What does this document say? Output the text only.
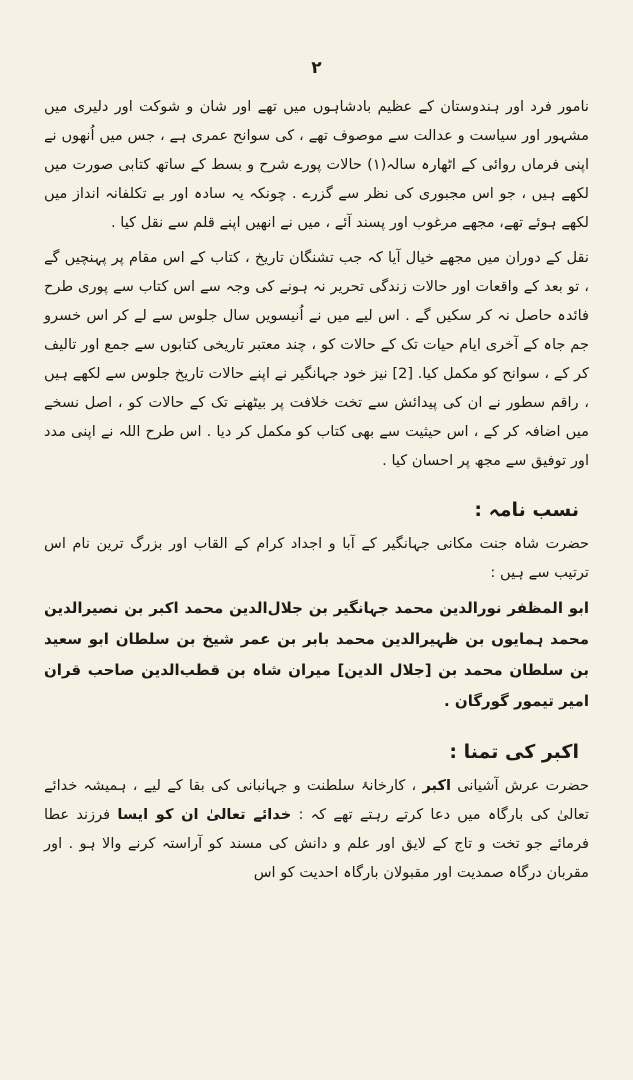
۲

نامور فرد اور ہندوستان کے عظیم بادشاہوں میں تھے اور شان و شوکت اور دلیری میں مشہور اور سیاست و عدالت سے موصوف تھے ، کی سوانح عمری ہے ، جس میں اُنھوں نے اپنی فرماں روائی کے اٹھارہ سالہ(۱) حالات پورے شرح و بسط کے ساتھ کتابی صورت میں لکھے ہیں ، جو اس مجبوری کی نظر سے گزرے . چونکہ یہ سادہ اور بے تکلفانہ انداز میں لکھے ہوئے تھے، مجھے مرغوب اور پسند آئے ، میں نے انھیں اپنے قلم سے نقل کیا .

نقل کے دوران میں مجھے خیال آیا کہ جب تشنگان تاریخ ، کتاب کے اس مقام پر پہنچیں گے ، تو بعد کے واقعات اور حالات زندگی تحریر نہ ہونے کی وجہ سے اس کتاب سے پوری طرح فائدہ حاصل نہ کر سکیں گے . اس لیے میں نے اُنیسویں سال جلوس سے لے کر اس خسرو جم جاہ کے آخری ایام حیات تک کے حالات کو ، چند معتبر تاریخی کتابوں سے جمع اور تالیف کر کے ، سوانح کو مکمل کیا. [2] نیز خود جہانگیر نے اپنے حالات تاریخ جلوس سے لکھے ہیں ، راقم سطور نے ان کی پیدائش سے تخت خلافت پر بیٹھنے تک کے حالات کو ، اصل نسخے میں اضافہ کر کے ، اس حیثیت سے بھی کتاب کو مکمل کر دیا . اس طرح اللہ نے اپنی مدد اور توفیق سے مجھ پر احسان کیا .

نسب نامہ :

حضرت شاہ جنت مکانی جہانگیر کے آبا و اجداد کرام کے القاب اور بزرگ ترین نام اس ترتیب سے ہیں :

ابو المظفر نورالدین محمد جہانگیر بن جلال‌الدین محمد اکبر بن نصیرالدین محمد ہمایوں بن ظہیرالدین محمد بابر بن عمر شیخ بن سلطان ابو سعید بن سلطان محمد بن [جلال الدین] میران شاہ بن قطب‌الدین صاحب قران امیر تیمور گورگان .

اکبر کی تمنا :

حضرت عرش آشیانی اکبر ، کارخانۂ سلطنت و جہانبانی کی بقا کے لیے ، ہمیشہ خدائے تعالیٰ کی بارگاہ میں دعا کرتے رہتے تھے کہ : خدائے تعالیٰ ان کو ایسا فرزند عطا فرمائے جو تخت و تاج کے لایق اور علم و دانش کی مسند کو آراستہ کرنے والا ہو . اور مقربان درگاہ صمدیت اور مقبولان بارگاہ احدیت کو اس
